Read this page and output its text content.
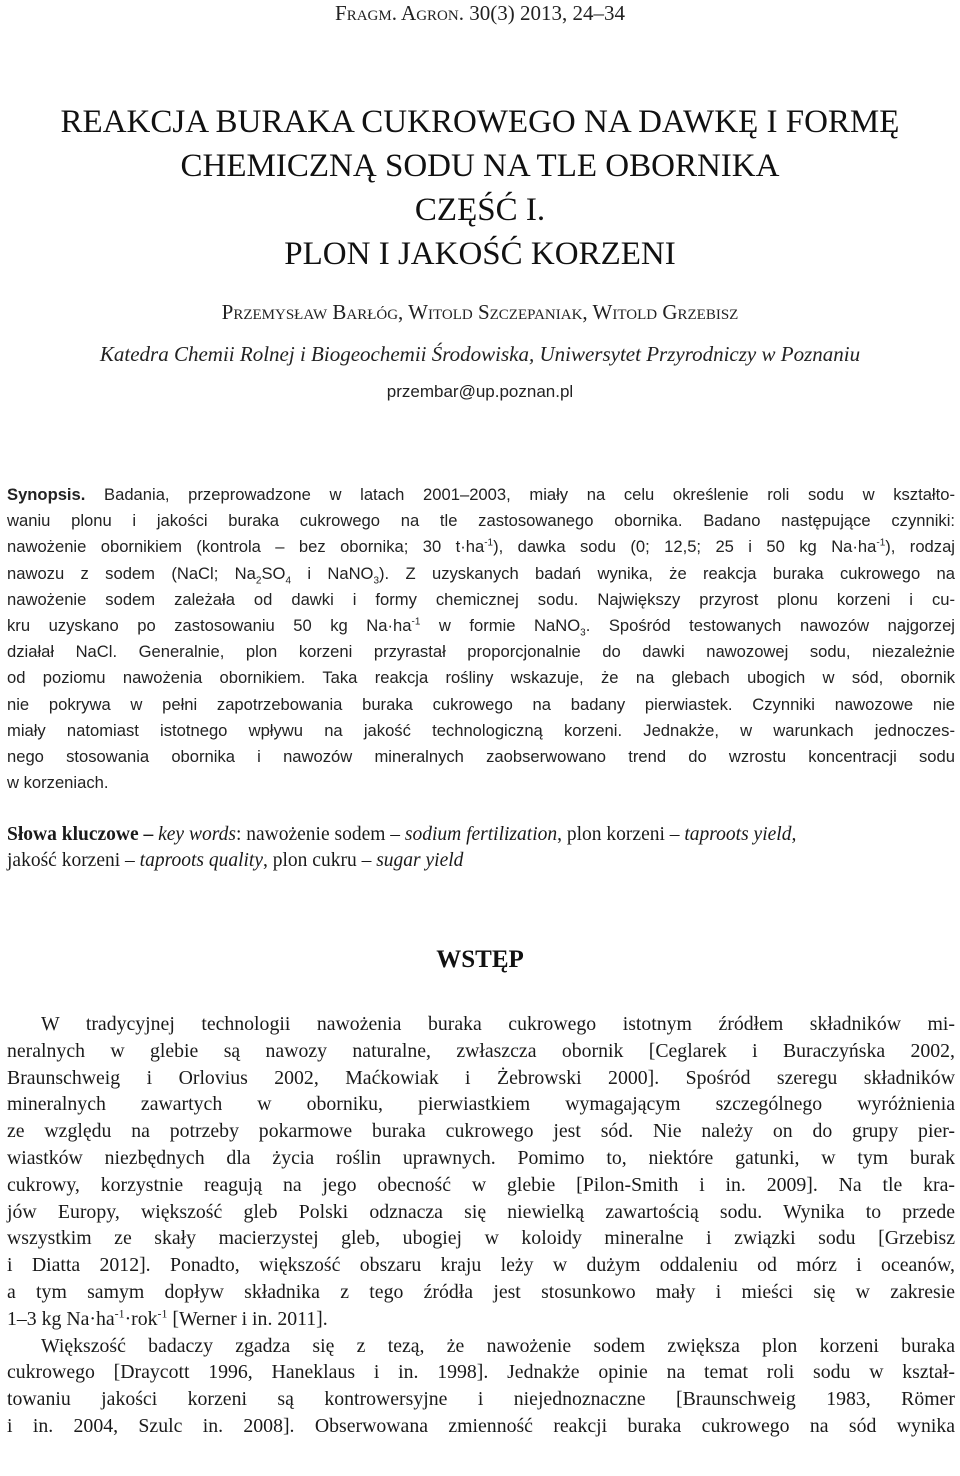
Fragm. Agron. 30(3) 2013, 24–34
REAKCJA BURAKA CUKROWEGO NA DAWKĘ I FORMĘ
CHEMICZNĄ SODU NA TLE OBORNIKA
CZĘŚĆ I.
PLON I JAKOŚĆ KORZENI
Przemysław Barłóg, Witold Szczepaniak, Witold Grzebisz
Katedra Chemii Rolnej i Biogeochemii Środowiska, Uniwersytet Przyrodniczy w Poznaniu
przembar@up.poznan.pl
Synopsis. Badania, przeprowadzone w latach 2001–2003, miały na celu określenie roli sodu w kształto-
waniu plonu i jakości buraka cukrowego na tle zastosowanego obornika. Badano następujące czynniki:
nawożenie obornikiem (kontrola – bez obornika; 30 $t\cdot ha^{-1}$), dawka sodu (0; 12,5; 25 i 50 kg $Na\cdot ha^{-1}$), rodzaj
nawozu z sodem (NaCl; $Na_2SO_4$ i NaNO$_3$). Z uzyskanych badań wynika, że reakcja buraka cukrowego na
nawożenie sodem zależała od dawki i formy chemicznej sodu. Największy przyrost plonu korzeni i cu-
kru uzyskano po zastosowaniu 50 kg $Na\cdot ha^{-1}$ w formie NaNO$_3$. Spośród testowanych nawozów najgorzej
działał NaCl. Generalnie, plon korzeni przyrastał proporcjonalnie do dawki nawozowej sodu, niezależnie
od poziomu nawożenia obornikiem. Taka reakcja rośliny wskazuje, że na glebach ubogich w sód, obornik
nie pokrywa w pełni zapotrzebowania buraka cukrowego na badany pierwiastek. Czynniki nawozowe nie
miały natomiast istotnego wpływu na jakość technologiczną korzeni. Jednakże, w warunkach jednoczes-
nego stosowania obornika i nawozów mineralnych zaobserwowano trend do wzrostu koncentracji sodu
w korzeniach.
Słowa kluczowe – key words: nawożenie sodem – sodium fertilization, plon korzeni – taproots yield,
jakość korzeni – taproots quality, plon cukru – sugar yield
WSTĘP
W tradycyjnej technologii nawożenia buraka cukrowego istotnym źródłem składników mi-
neralnych w glebie są nawozy naturalne, zwłaszcza obornik [Ceglarek i Buraczyńska 2002,
Braunschweig i Orlovius 2002, Maćkowiak i Żebrowski 2000]. Spośród szeregu składników
mineralnych zawartych w oborniku, pierwiastkiem wymagającym szczególnego wyróżnienia
ze względu na potrzeby pokarmowe buraka cukrowego jest sód. Nie należy on do grupy pier-
wiastków niezbędnych dla życia roślin uprawnych. Pomimo to, niektóre gatunki, w tym burak
cukrowy, korzystnie reagują na jego obecność w glebie [Pilon-Smith i in. 2009]. Na tle kra-
jów Europy, większość gleb Polski odznacza się niewielką zawartością sodu. Wynika to przede
wszystkim ze skały macierzystej gleb, ubogiej w koloidy mineralne i związki sodu [Grzebisz
i Diatta 2012]. Ponadto, większość obszaru kraju leży w dużym oddaleniu od mórz i oceanów,
a tym samym dopływ składnika z tego źródła jest stosunkowo mały i mieści się w zakresie
1–3 kg $Na\cdot ha^{-1}\cdot rok^{-1}$ [Werner i in. 2011].
Większość badaczy zgadza się z tezą, że nawożenie sodem zwiększa plon korzeni buraka
cukrowego [Draycott 1996, Haneklaus i in. 1998]. Jednakże opinie na temat roli sodu w kształ-
towaniu jakości korzeni są kontrowersyjne i niejednoznaczne [Braunschweig 1983, Römer
i in. 2004, Szulc in. 2008]. Obserwowana zmienność reakcji buraka cukrowego na sód wynika
